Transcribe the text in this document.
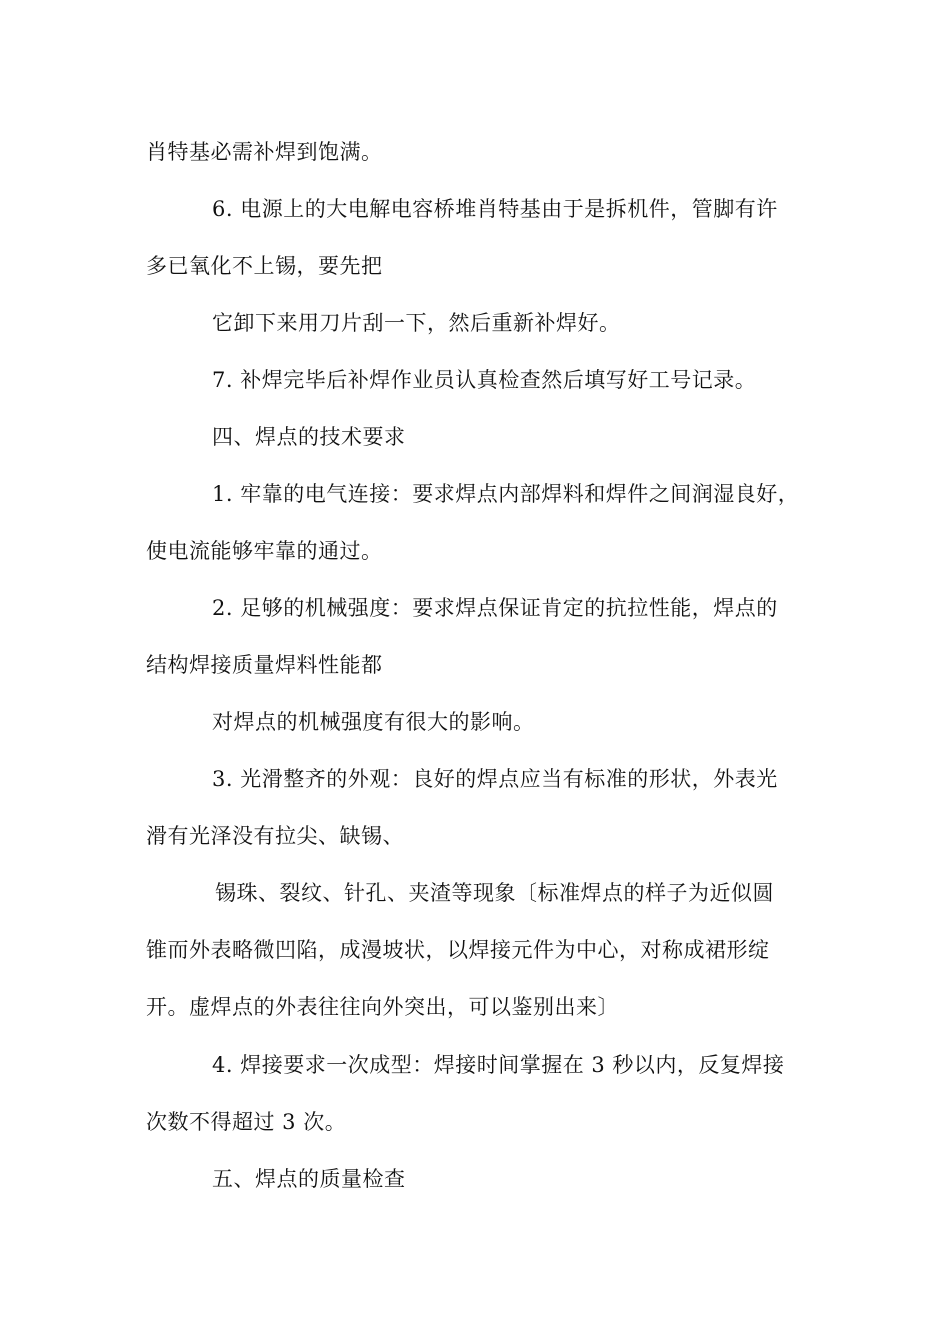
肖特基必需补焊到饱满。
6. 电源上的大电解电容桥堆肖特基由于是拆机件，管脚有许
多已氧化不上锡，要先把
它卸下来用刀片刮一下，然后重新补焊好。
7. 补焊完毕后补焊作业员认真检查然后填写好工号记录。
四、焊点的技术要求
1. 牢靠的电气连接：要求焊点内部焊料和焊件之间润湿良好，
使电流能够牢靠的通过。
2. 足够的机械强度：要求焊点保证肯定的抗拉性能，焊点的
结构焊接质量焊料性能都
对焊点的机械强度有很大的影响。
3. 光滑整齐的外观：良好的焊点应当有标准的形状，外表光
滑有光泽没有拉尖、缺锡、
锡珠、裂纹、针孔、夹渣等现象〔标准焊点的样子为近似圆
锥而外表略微凹陷，成漫坡状，以焊接元件为中心，对称成裙形绽
开。虚焊点的外表往往向外突出，可以鉴别出来〕
4. 焊接要求一次成型：焊接时间掌握在 3 秒以内，反复焊接
次数不得超过 3 次。
五、焊点的质量检查
